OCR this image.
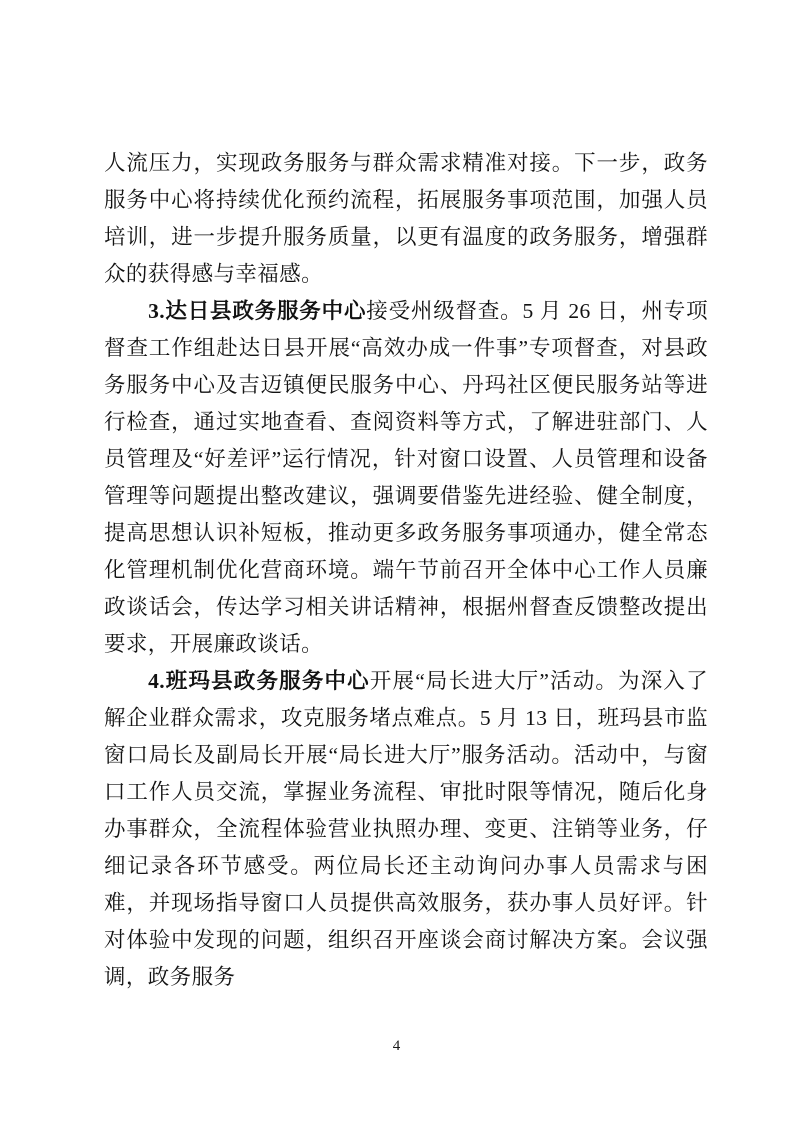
人流压力，实现政务服务与群众需求精准对接。下一步，政务服务中心将持续优化预约流程，拓展服务事项范围，加强人员培训，进一步提升服务质量，以更有温度的政务服务，增强群众的获得感与幸福感。

3.达日县政务服务中心接受州级督查。5 月 26 日，州专项督查工作组赴达日县开展“高效办成一件事”专项督查，对县政务服务中心及吉迈镇便民服务中心、丹玛社区便民服务站等进行检查，通过实地查看、查阅资料等方式，了解进驻部门、人员管理及“好差评”运行情况，针对窗口设置、人员管理和设备管理等问题提出整改建议，强调要借鉴先进经验、健全制度，提高思想认识补短板，推动更多政务服务事项通办，健全常态化管理机制优化营商环境。端午节前召开全体中心工作人员廉政谈话会，传达学习相关讲话精神，根据州督查反馈整改提出要求，开展廉政谈话。

4.班玛县政务服务中心开展“局长进大厅”活动。为深入了解企业群众需求，攻克服务堵点难点。5 月 13 日，班玛县市监窗口局长及副局长开展“局长进大厅”服务活动。活动中，与窗口工作人员交流，掌握业务流程、审批时限等情况，随后化身办事群众，全流程体验营业执照办理、变更、注销等业务，仔细记录各环节感受。两位局长还主动询问办事人员需求与困难，并现场指导窗口人员提供高效服务，获办事人员好评。针对体验中发现的问题，组织召开座谈会商讨解决方案。会议强调，政务服务

4
